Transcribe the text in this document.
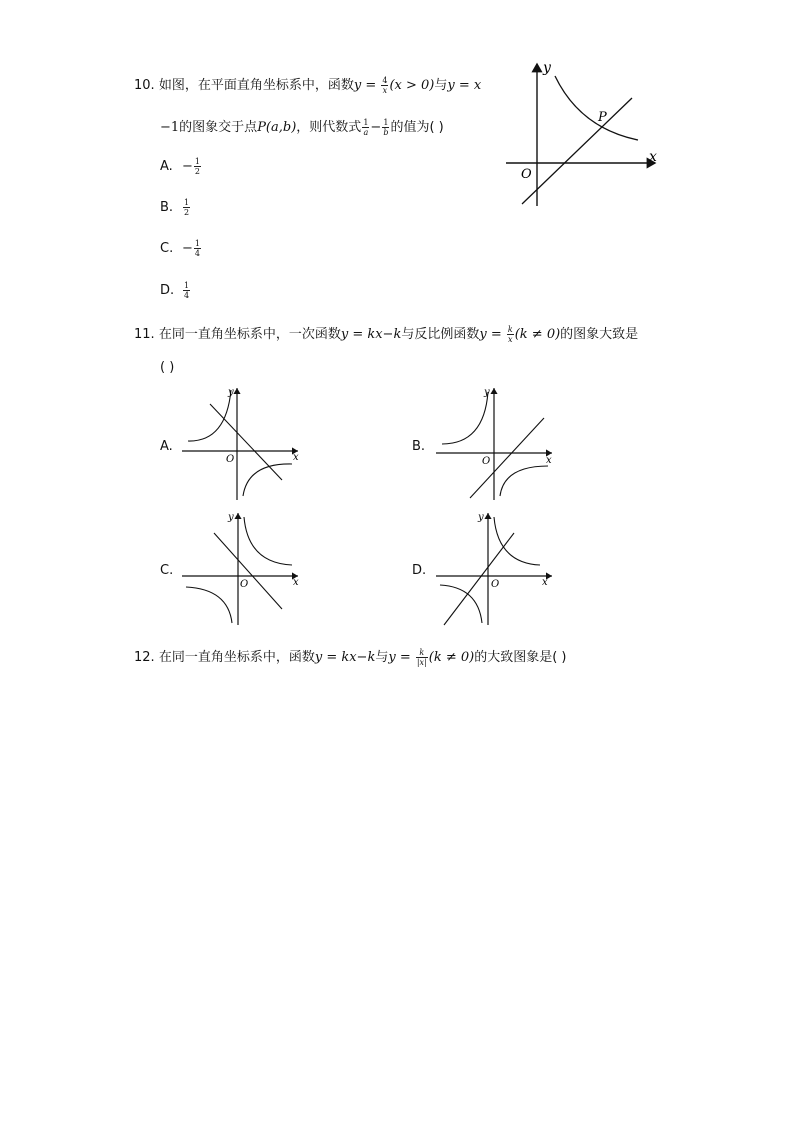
10. 如图，在平面直角坐标系中，函数$y = \frac{4}{x} (x > 0)$与y = x
−1的图象交于点P(a,b)，则代数式 $\frac{1}{a} - \frac{1}{b}$ 的值为( )
A. − $\frac{1}{2}$
B. $\frac{1}{2}$
C. − $\frac{1}{4}$
D. $\frac{1}{4}$
x
y
O
P
11. 在同一直角坐标系中，一次函数y = kx−k与反比例函数$y = \frac{k}{x} (k \ne 0)$的图象大致是
( )
A.
x
y
O
B.
x
y
O
C.
x
y
O
D.
x
y
O
12. 在同一直角坐标系中，函数y = kx−k与$y = \frac{k}{|x|} (k \ne 0)$的大致图象是( )
